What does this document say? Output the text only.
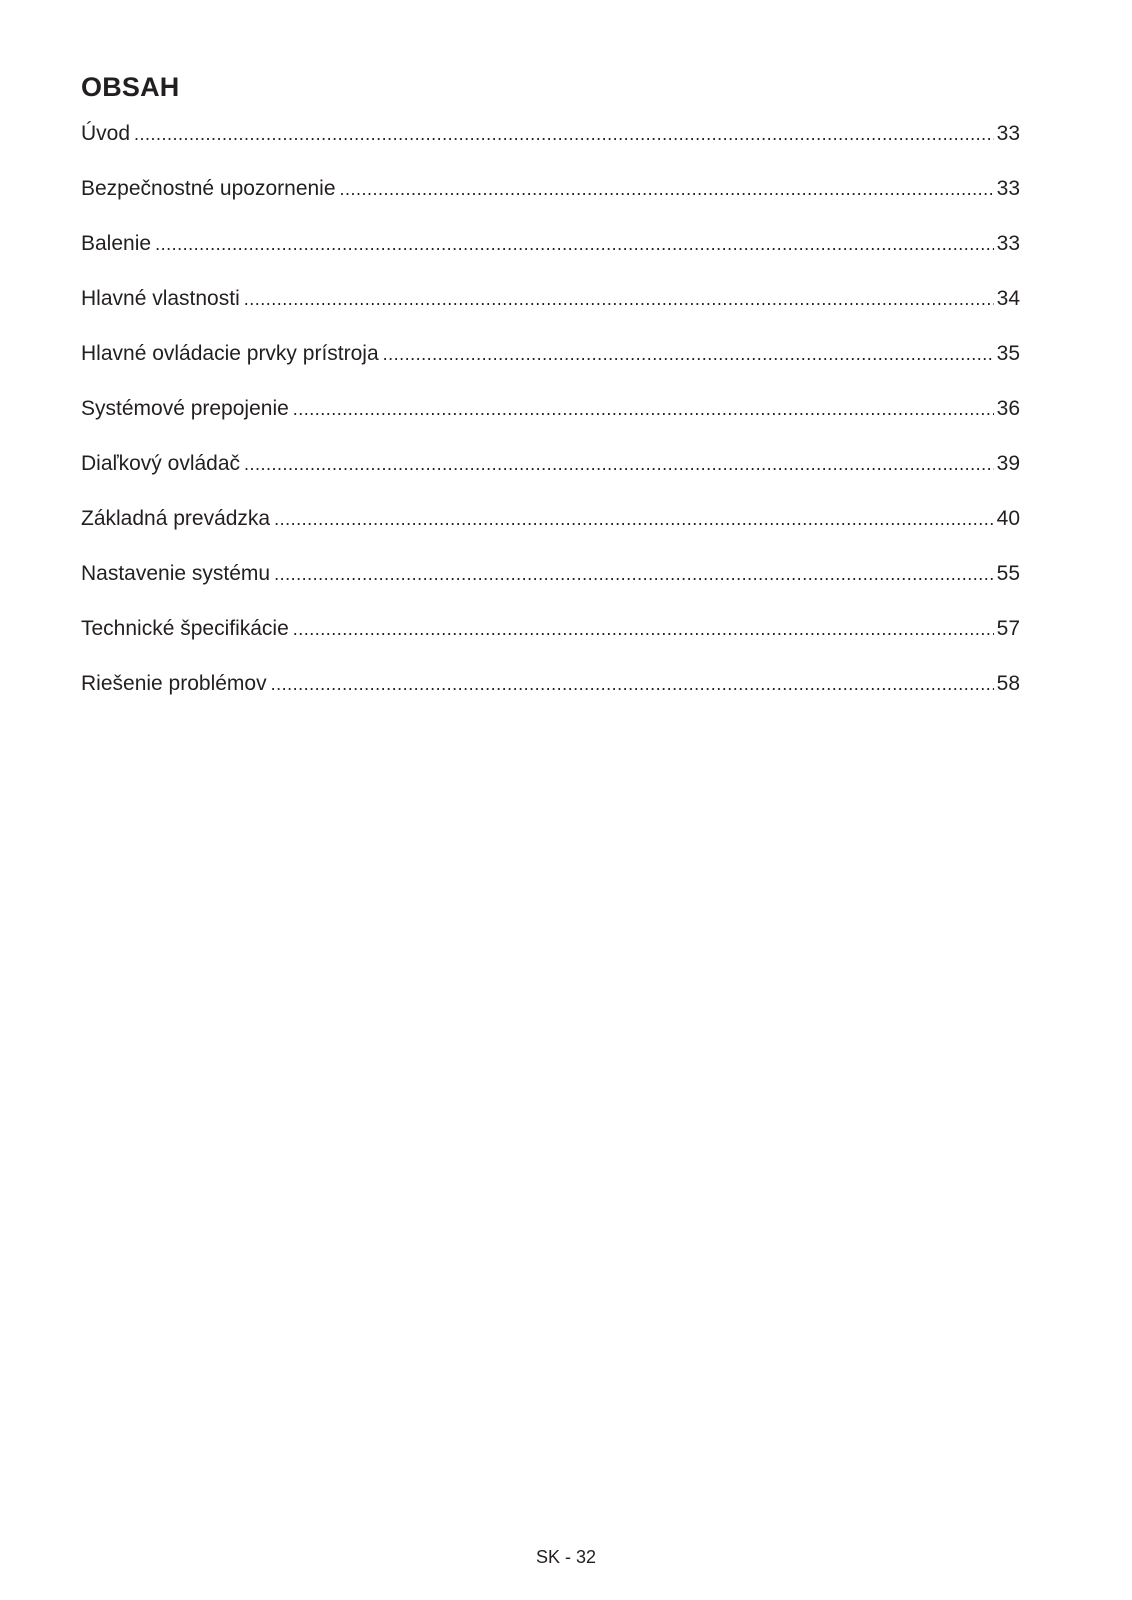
OBSAH
Úvod .....	33
Bezpečnostné upozornenie .....	33
Balenie .....	33
Hlavné vlastnosti .....	34
Hlavné ovládacie prvky prístroja .....	35
Systémové prepojenie .....	36
Diaľkový ovládač .....	39
Základná prevádzka .....	40
Nastavenie systému .....	55
Technické špecifikácie .....	57
Riešenie problémov .....	58
SK - 32
